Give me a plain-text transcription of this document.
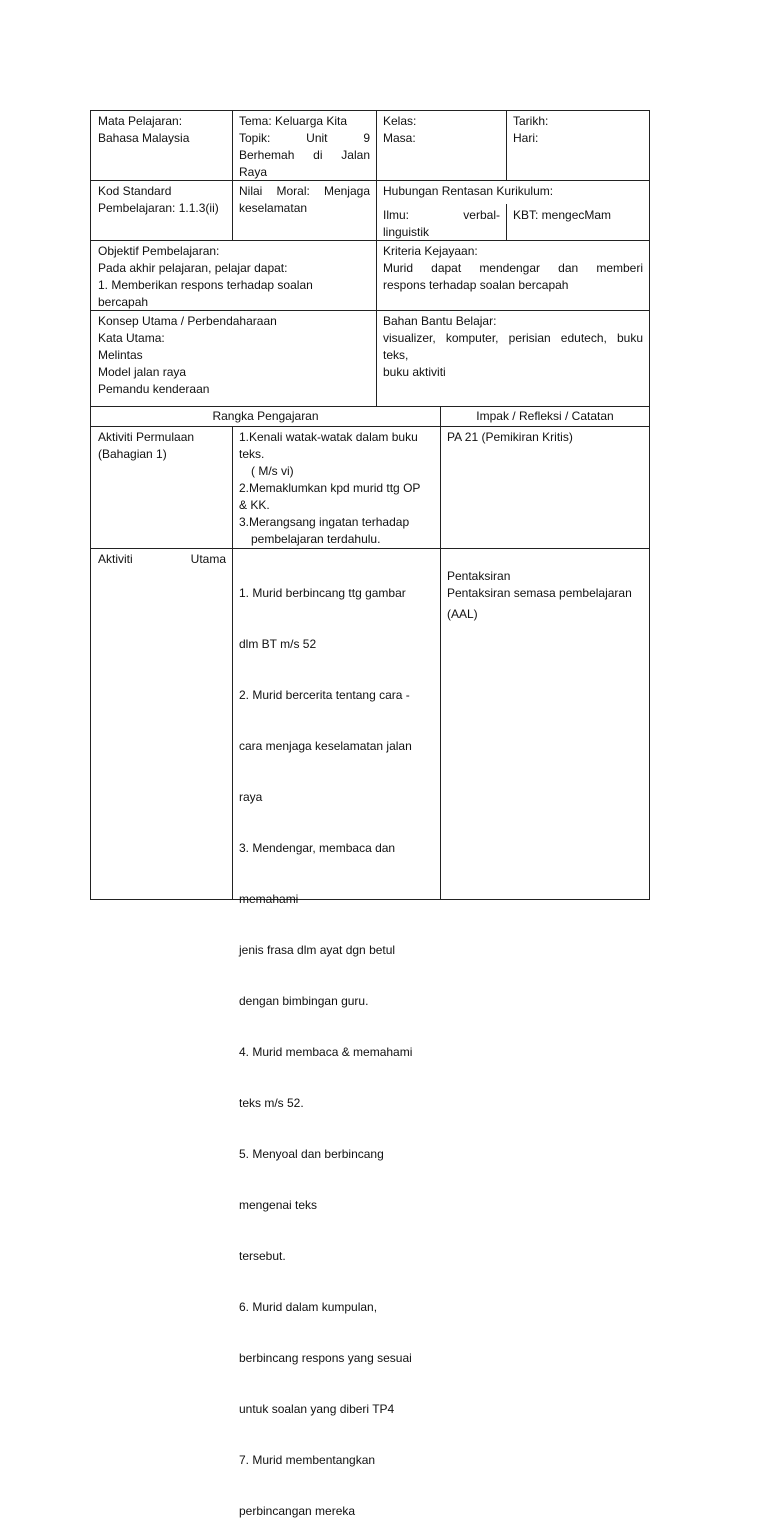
Mata Pelajaran:
Bahasa Malaysia
Tema: Keluarga Kita
Topik: Unit 9
Berhemah di Jalan
Raya
Kelas:
Masa:
Tarikh:
Hari:
Kod Standard
Pembelajaran: 1.1.3(ii)
Nilai Moral: Menjaga
keselamatan
Hubungan Rentasan Kurikulum:
Ilmu: verbal-
linguistik
KBT: mengecMam
Objektif Pembelajaran:
Pada akhir pelajaran, pelajar dapat:
1. Memberikan respons terhadap soalan
bercapah
Kriteria Kejayaan:
Murid dapat mendengar dan memberi
respons terhadap soalan bercapah
Konsep Utama / Perbendaharaan
Kata Utama:
Melintas
Model jalan raya
Pemandu kenderaan
Bahan Bantu Belajar:
visualizer, komputer, perisian edutech, buku
teks,
buku aktiviti
Rangka Pengajaran	Impak / Refleksi / Catatan
Aktiviti Permulaan
(Bahagian 1)
1.Kenali watak-watak dalam buku
teks.
( M/s vi)
2.Memaklumkan kpd murid ttg OP
& KK.
3.Merangsang ingatan terhadap
pembelajaran terdahulu.
PA 21 (Pemikiran Kritis)
Aktiviti	Utama

1. Murid berbincang ttg gambar

dlm BT m/s 52

2. Murid bercerita tentang cara -

cara menjaga keselamatan jalan

raya

3. Mendengar, membaca dan

memahami

jenis frasa dlm ayat dgn betul

dengan bimbingan guru.

4. Murid membaca & memahami

teks m/s 52.

5. Menyoal dan berbincang

mengenai teks

tersebut.

6. Murid dalam kumpulan,

berbincang respons yang sesuai

untuk soalan yang diberi TP4

7. Murid membentangkan

perbincangan mereka

Pentaksiran
Pentaksiran semasa pembelajaran
(AAL)
